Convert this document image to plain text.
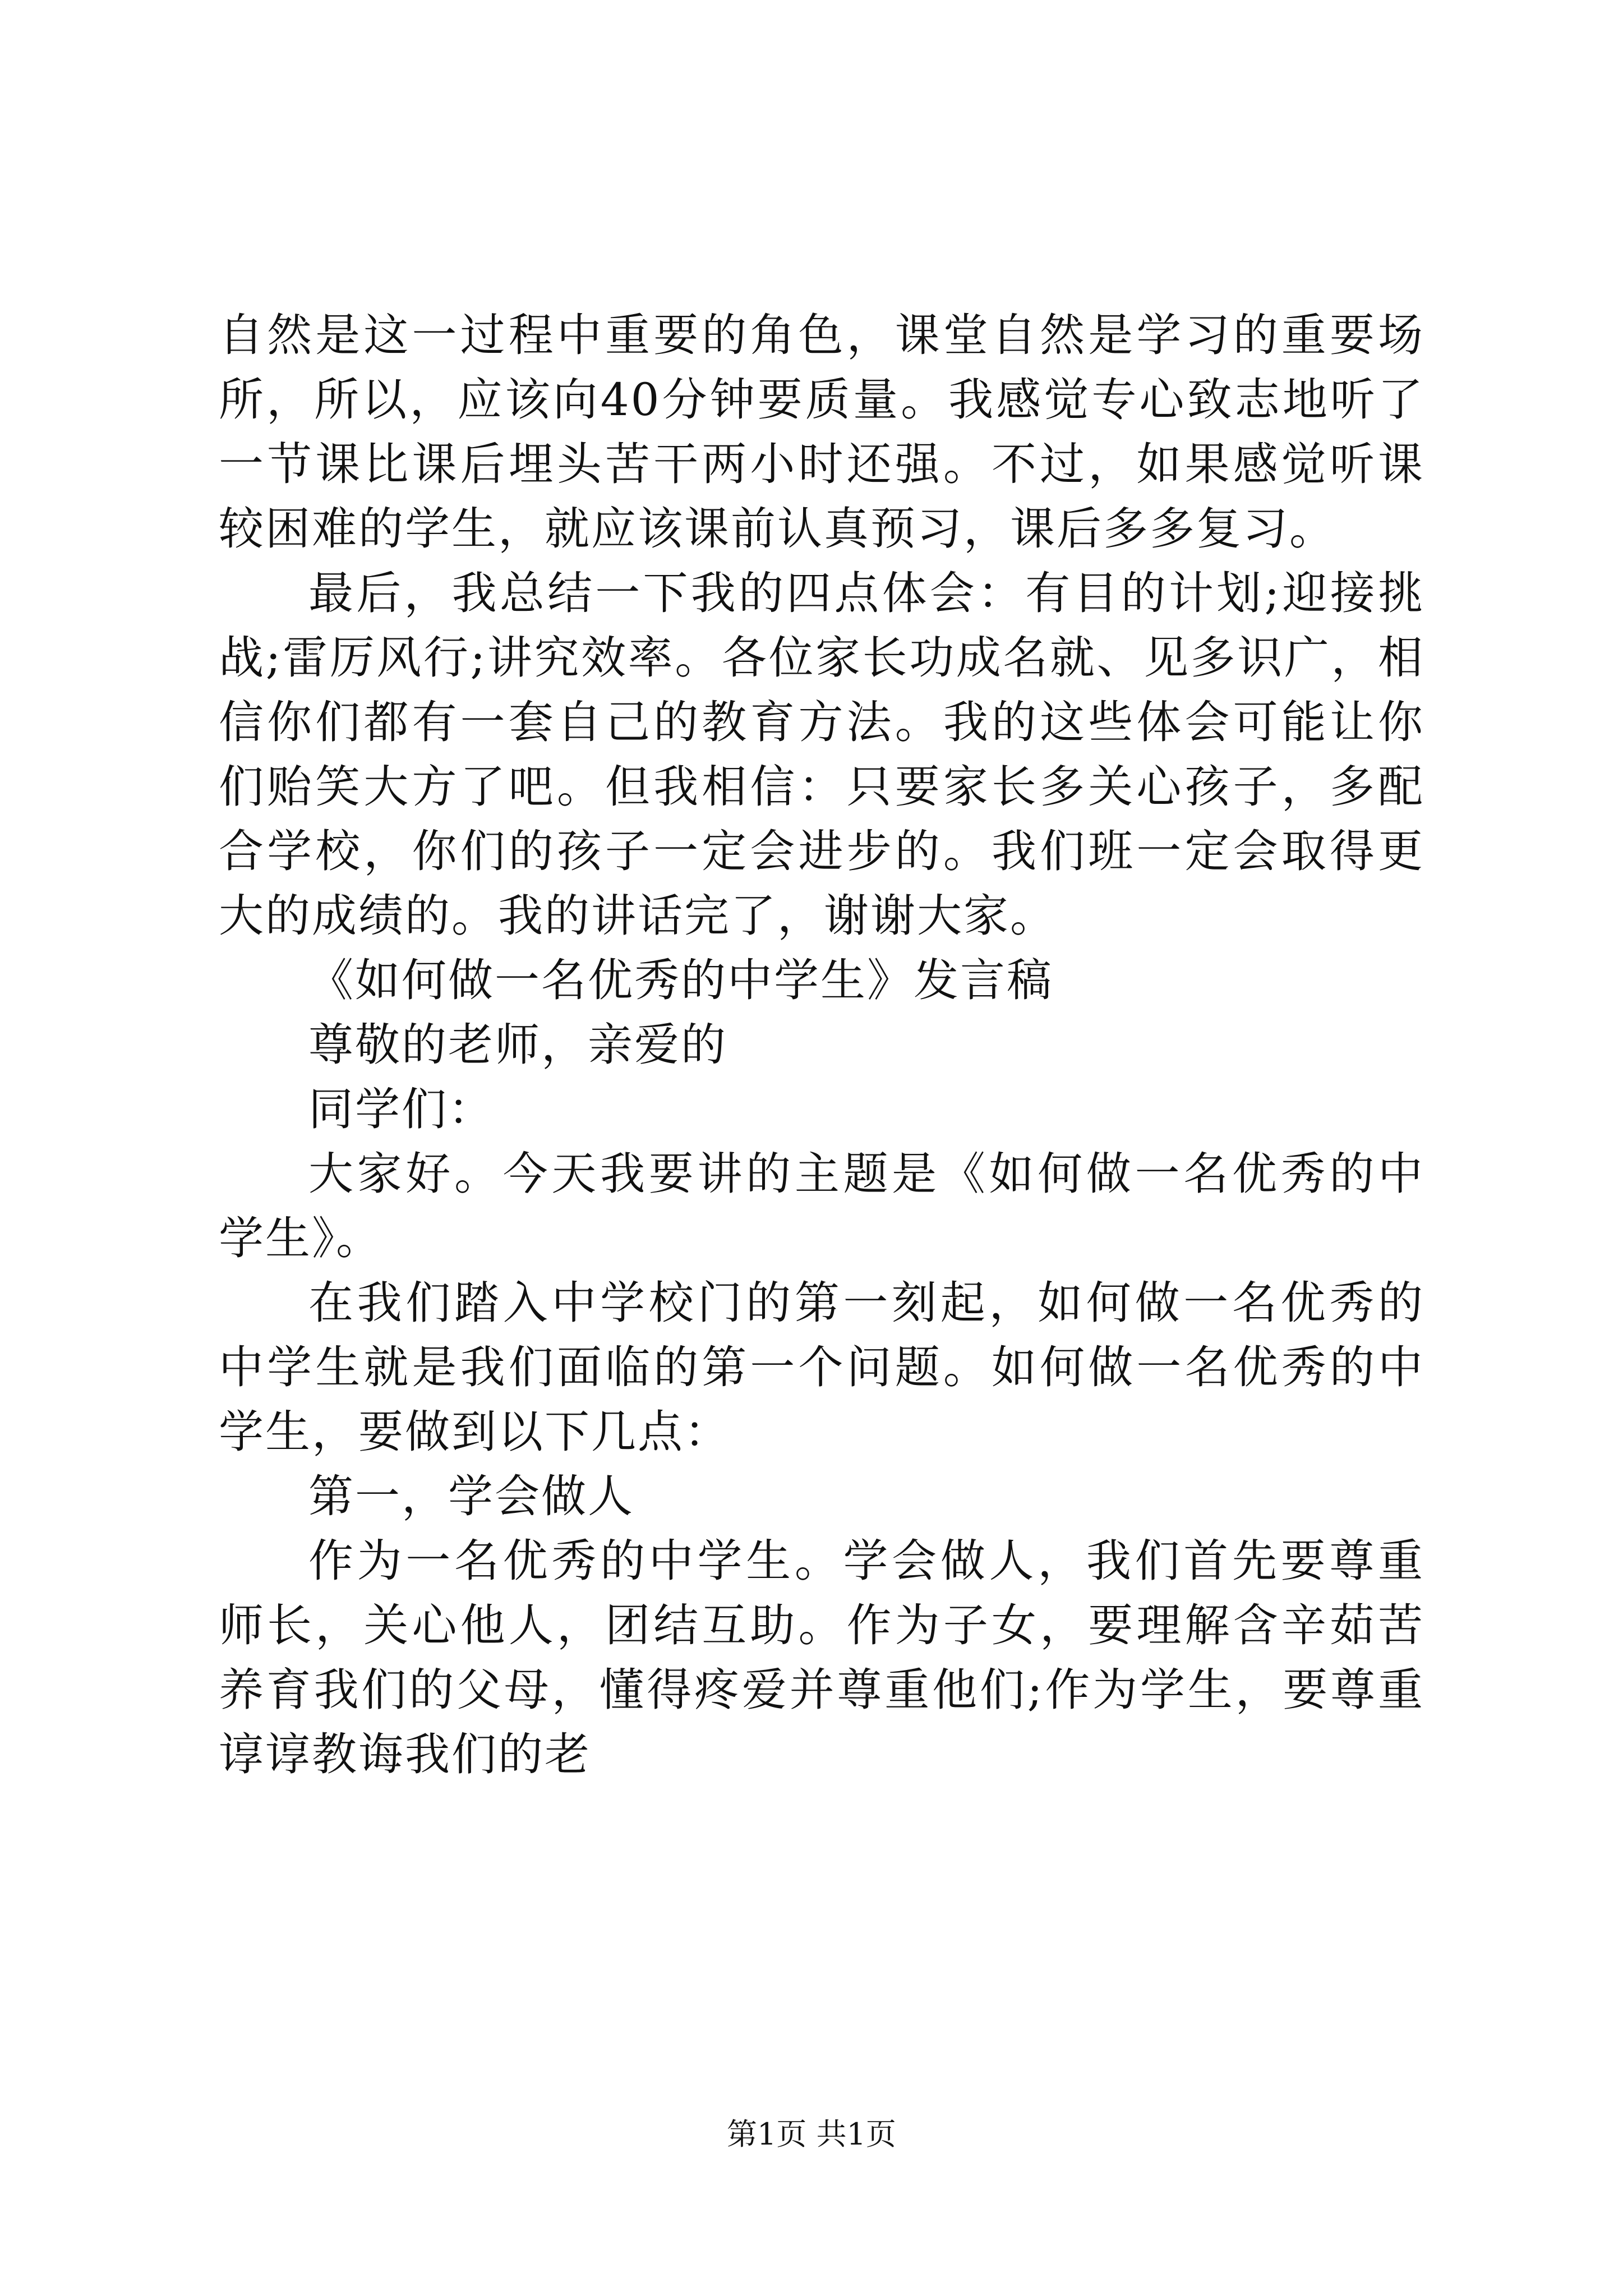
自然是这一过程中重要的角色，课堂自然是学习的重要场所，所以，应该向40分钟要质量。我感觉专心致志地听了一节课比课后埋头苦干两小时还强。不过，如果感觉听课较困难的学生，就应该课前认真预习，课后多多复习。

最后，我总结一下我的四点体会：有目的计划;迎接挑战;雷厉风行;讲究效率。各位家长功成名就、见多识广，相信你们都有一套自己的教育方法。我的这些体会可能让你们贻笑大方了吧。但我相信：只要家长多关心孩子，多配合学校，你们的孩子一定会进步的。我们班一定会取得更大的成绩的。我的讲话完了，谢谢大家。

《如何做一名优秀的中学生》发言稿

尊敬的老师，亲爱的

同学们：

大家好。今天我要讲的主题是《如何做一名优秀的中学生》。

在我们踏入中学校门的第一刻起，如何做一名优秀的中学生就是我们面临的第一个问题。如何做一名优秀的中学生，要做到以下几点：

第一，学会做人

作为一名优秀的中学生。学会做人，我们首先要尊重师长，关心他人，团结互助。作为子女，要理解含辛茹苦养育我们的父母，懂得疼爱并尊重他们;作为学生，要尊重谆谆教诲我们的老

第1页 共1页
